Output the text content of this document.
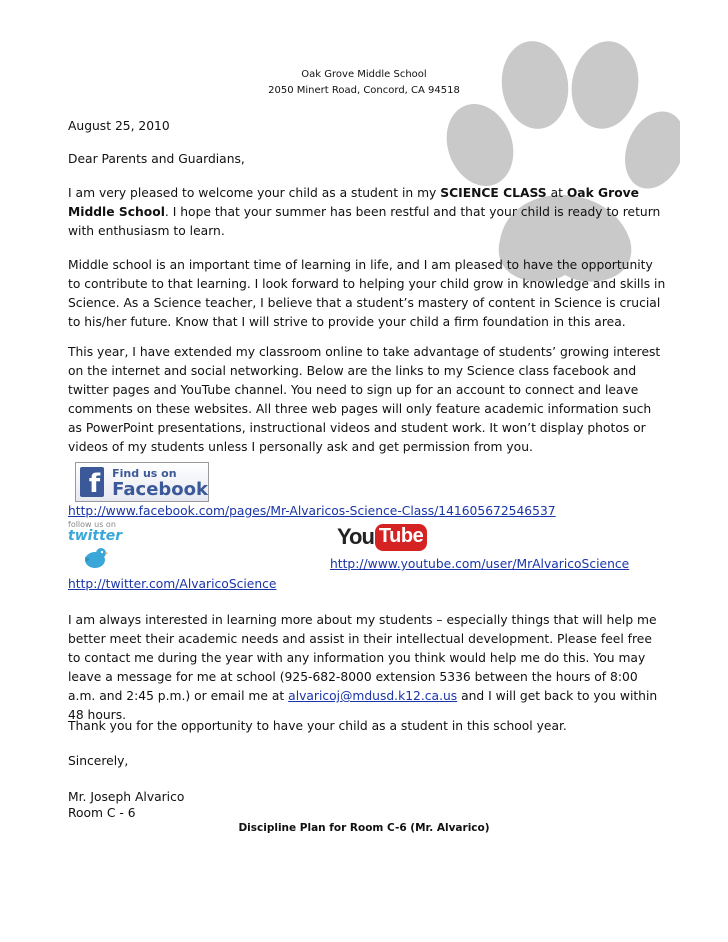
Oak Grove Middle School
2050 Minert Road, Concord, CA 94518
August 25, 2010
Dear Parents and Guardians,
I am very pleased to welcome your child as a student in my SCIENCE CLASS at Oak Grove Middle School. I hope that your summer has been restful and that your child is ready to return with enthusiasm to learn.
Middle school is an important time of learning in life, and I am pleased to have the opportunity to contribute to that learning. I look forward to helping your child grow in knowledge and skills in Science. As a Science teacher, I believe that a student’s mastery of content in Science is crucial to his/her future. Know that I will strive to provide your child a firm foundation in this area.
This year, I have extended my classroom online to take advantage of students’ growing interest on the internet and social networking. Below are the links to my Science class facebook and twitter pages and YouTube channel. You need to sign up for an account to connect and leave comments on these websites. All three web pages will only feature academic information such as PowerPoint presentations, instructional videos and student work. It won’t display photos or videos of my students unless I personally ask and get permission from you.
f	Find us on
Facebook
http://www.facebook.com/pages/Mr-Alvaricos-Science-Class/141605672546537
follow us on
twitter	You Tube
http://www.youtube.com/user/MrAlvaricoScience
http://twitter.com/AlvaricoScience
I am always interested in learning more about my students – especially things that will help me better meet their academic needs and assist in their intellectual development. Please feel free to contact me during the year with any information you think would help me do this. You may leave a message for me at school (925-682-8000 extension 5336 between the hours of 8:00 a.m. and 2:45 p.m.) or email me at alvaricoj@mdusd.k12.ca.us and I will get back to you within 48 hours.
Thank you for the opportunity to have your child as a student in this school year.
Sincerely,
Mr. Joseph Alvarico
Room C - 6
Discipline Plan for Room C-6 (Mr. Alvarico)
